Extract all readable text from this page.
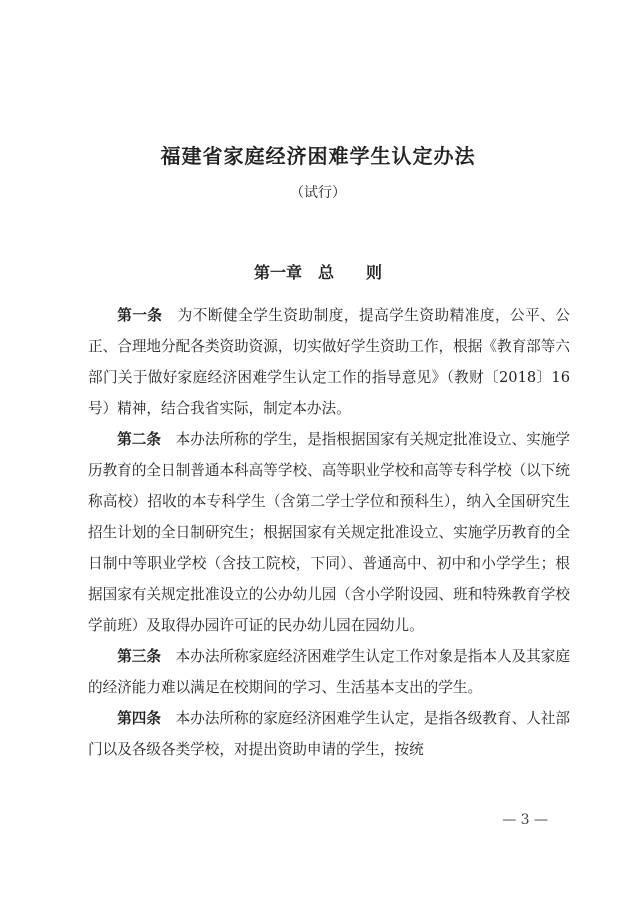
福建省家庭经济困难学生认定办法
（试行）
第一章　总　　则

第一条　为不断健全学生资助制度，提高学生资助精准度，公平、公正、合理地分配各类资助资源，切实做好学生资助工作，根据《教育部等六部门关于做好家庭经济困难学生认定工作的指导意见》（教财〔2018〕16号）精神，结合我省实际，制定本办法。

第二条　本办法所称的学生，是指根据国家有关规定批准设立、实施学历教育的全日制普通本科高等学校、高等职业学校和高等专科学校（以下统称高校）招收的本专科学生（含第二学士学位和预科生），纳入全国研究生招生计划的全日制研究生；根据国家有关规定批准设立、实施学历教育的全日制中等职业学校（含技工院校，下同）、普通高中、初中和小学学生；根据国家有关规定批准设立的公办幼儿园（含小学附设园、班和特殊教育学校学前班）及取得办园许可证的民办幼儿园在园幼儿。

第三条　本办法所称家庭经济困难学生认定工作对象是指本人及其家庭的经济能力难以满足在校期间的学习、生活基本支出的学生。

第四条　本办法所称的家庭经济困难学生认定，是指各级教育、人社部门以及各级各类学校，对提出资助申请的学生，按统

— 3 —
